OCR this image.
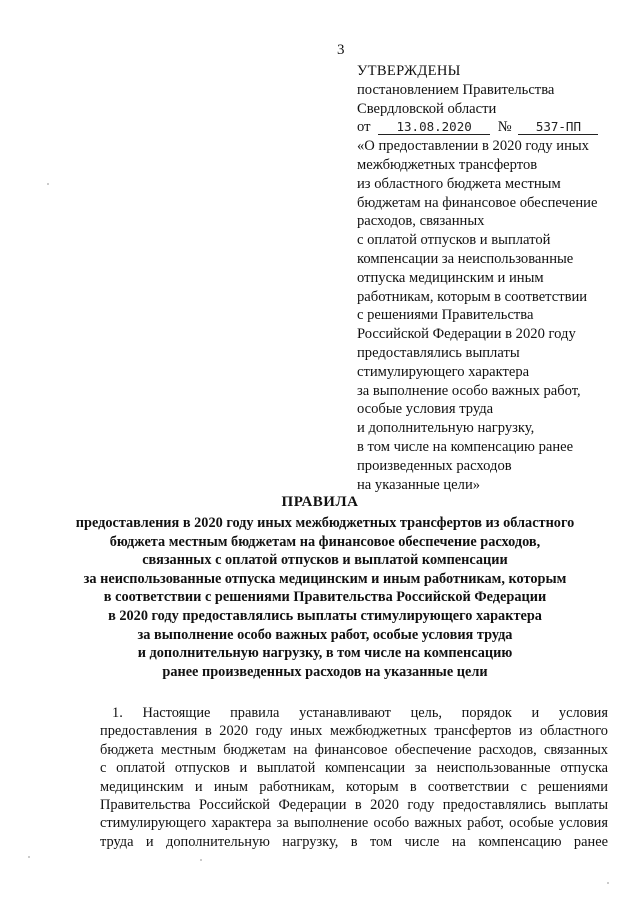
3
УТВЕРЖДЕНЫ
постановлением Правительства
Свердловской области
от 13.08.2020 № 537-ПП
«О предоставлении в 2020 году иных
межбюджетных трансфертов
из областного бюджета местным
бюджетам на финансовое обеспечение
расходов, связанных
с оплатой отпусков и выплатой
компенсации за неиспользованные
отпуска медицинским и иным
работникам, которым в соответствии
с решениями Правительства
Российской Федерации в 2020 году
предоставлялись выплаты
стимулирующего характера
за выполнение особо важных работ,
особые условия труда
и дополнительную нагрузку,
в том числе на компенсацию ранее
произведенных расходов
на указанные цели»
ПРАВИЛА
предоставления в 2020 году иных межбюджетных трансфертов из областного
бюджета местным бюджетам на финансовое обеспечение расходов,
связанных с оплатой отпусков и выплатой компенсации
за неиспользованные отпуска медицинским и иным работникам, которым
в соответствии с решениями Правительства Российской Федерации
в 2020 году предоставлялись выплаты стимулирующего характера
за выполнение особо важных работ, особые условия труда
и дополнительную нагрузку, в том числе на компенсацию
ранее произведенных расходов на указанные цели
1. Настоящие правила устанавливают цель, порядок и условия
предоставления в 2020 году иных межбюджетных трансфертов из областного
бюджета местным бюджетам на финансовое обеспечение расходов, связанных
с оплатой отпусков и выплатой компенсации за неиспользованные отпуска
медицинским и иным работникам, которым в соответствии с решениями
Правительства Российской Федерации в 2020 году предоставлялись выплаты
стимулирующего характера за выполнение особо важных работ, особые условия
труда и дополнительную нагрузку, в том числе на компенсацию ранее
